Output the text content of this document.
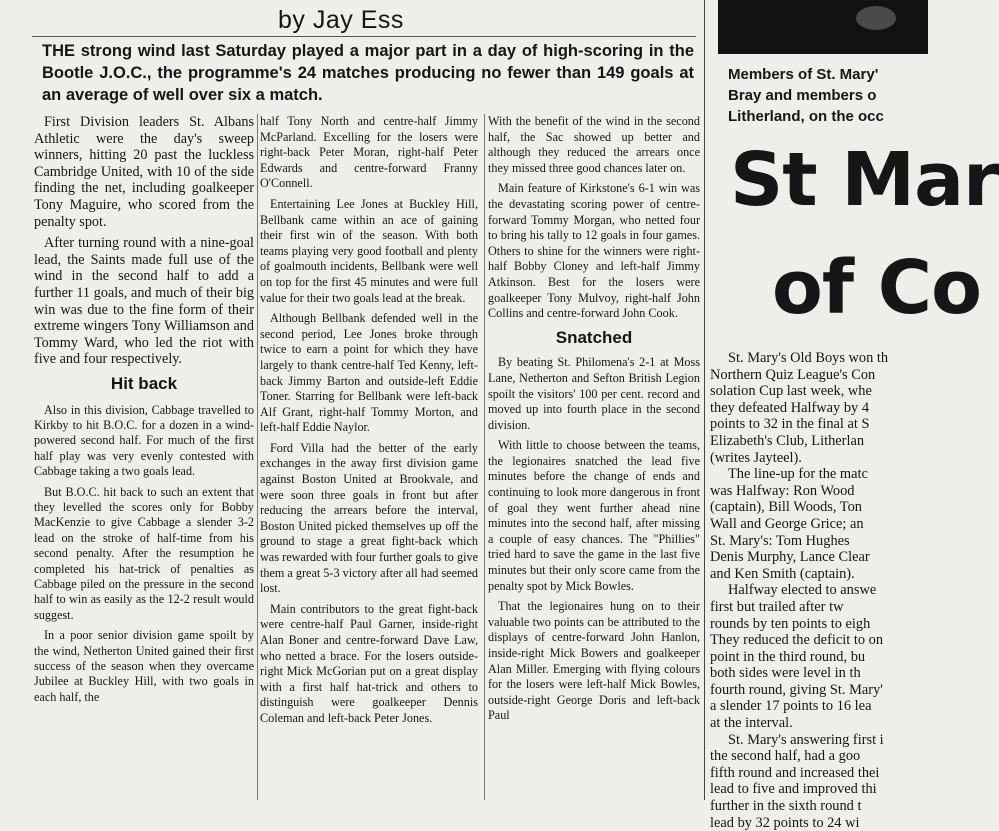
by Jay Ess

THE strong wind last Saturday played a major part in a day of high-scoring in the Bootle J.O.C., the programme's 24 matches producing no fewer than 149 goals at an average of well over six a match.

First Division leaders St. Albans Athletic were the day's sweep winners, hitting 20 past the luckless Cambridge United, with 10 of the side finding the net, including goalkeeper Tony Maguire, who scored from the penalty spot.

After turning round with a nine-goal lead, the Saints made full use of the wind in the second half to add a further 11 goals, and much of their big win was due to the fine form of their extreme wingers Tony Williamson and Tommy Ward, who led the riot with five and four respectively.

Hit back

Also in this division, Cabbage travelled to Kirkby to hit B.O.C. for a dozen in a wind-powered second half. For much of the first half play was very evenly contested with Cabbage taking a two goals lead.

But B.O.C. hit back to such an extent that they levelled the scores only for Bobby MacKenzie to give Cabbage a slender 3-2 lead on the stroke of half-time from his second penalty. After the resumption he completed his hat-trick of penalties as Cabbage piled on the pressure in the second half to win as easily as the 12-2 result would suggest.

In a poor senior division game spoilt by the wind, Netherton United gained their first success of the season when they overcame Jubilee at Buckley Hill, with two goals in each half, the

half Tony North and centre-half Jimmy McParland. Excelling for the losers were right-back Peter Moran, right-half Peter Edwards and centre-forward Franny O'Connell.

Entertaining Lee Jones at Buckley Hill, Bellbank came within an ace of gaining their first win of the season. With both teams playing very good football and plenty of goalmouth incidents, Bellbank were well on top for the first 45 minutes and were full value for their two goals lead at the break.

Although Bellbank defended well in the second period, Lee Jones broke through twice to earn a point for which they have largely to thank centre-half Ted Kenny, left-back Jimmy Barton and outside-left Eddie Toner. Starring for Bellbank were left-back Alf Grant, right-half Tommy Morton, and left-half Eddie Naylor.

Ford Villa had the better of the early exchanges in the away first division game against Boston United at Brookvale, and were soon three goals in front but after reducing the arrears before the interval, Boston United picked themselves up off the ground to stage a great fight-back which was rewarded with four further goals to give them a great 5-3 victory after all had seemed lost.

Main contributors to the great fight-back were centre-half Paul Garner, inside-right Alan Boner and centre-forward Dave Law, who netted a brace. For the losers outside-right Mick McGorian put on a great display with a first half hat-trick and others to distinguish were goalkeeper Dennis Coleman and left-back Peter Jones.

With the benefit of the wind in the second half, the Sac showed up better and although they reduced the arrears once they missed three good chances later on.

Main feature of Kirkstone's 6-1 win was the devastating scoring power of centre-forward Tommy Morgan, who netted four to bring his tally to 12 goals in four games. Others to shine for the winners were right-half Bobby Cloney and left-half Jimmy Atkinson. Best for the losers were goalkeeper Tony Mulvoy, right-half John Collins and centre-forward John Cook.

Snatched

By beating St. Philomena's 2-1 at Moss Lane, Netherton and Sefton British Legion spoilt the visitors' 100 per cent. record and moved up into fourth place in the second division.

With little to choose between the teams, the legionaires snatched the lead five minutes before the change of ends and continuing to look more dangerous in front of goal they went further ahead nine minutes into the second half, after missing a couple of easy chances. The "Phillies" tried hard to save the game in the last five minutes but their only score came from the penalty spot by Mick Bowles.

That the legionaires hung on to their valuable two points can be attributed to the displays of centre-forward John Hanlon, inside-right Mick Bowers and goalkeeper Alan Miller. Emerging with flying colours for the losers were left-half Mick Bowles, outside-right George Doris and left-back Paul

Members of St. Mary'
Bray and members o
Litherland, on the occ
St Mar
of Co

St. Mary's Old Boys won th

Northern Quiz League's Con

solation Cup last week, whe

they defeated Halfway by 4

points to 32 in the final at S

Elizabeth's Club, Litherlan

(writes Jayteel).

The line-up for the matc

was Halfway: Ron Wood

(captain), Bill Woods, Ton

Wall and George Grice; an

St. Mary's: Tom Hughes

Denis Murphy, Lance Clear

and Ken Smith (captain).

Halfway elected to answe

first but trailed after tw

rounds by ten points to eigh

They reduced the deficit to on

point in the third round, bu

both sides were level in th

fourth round, giving St. Mary'

a slender 17 points to 16 lea

at the interval.

St. Mary's answering first i

the second half, had a goo

fifth round and increased thei

lead to five and improved thi

further in the sixth round t

lead by 32 points to 24 wi
